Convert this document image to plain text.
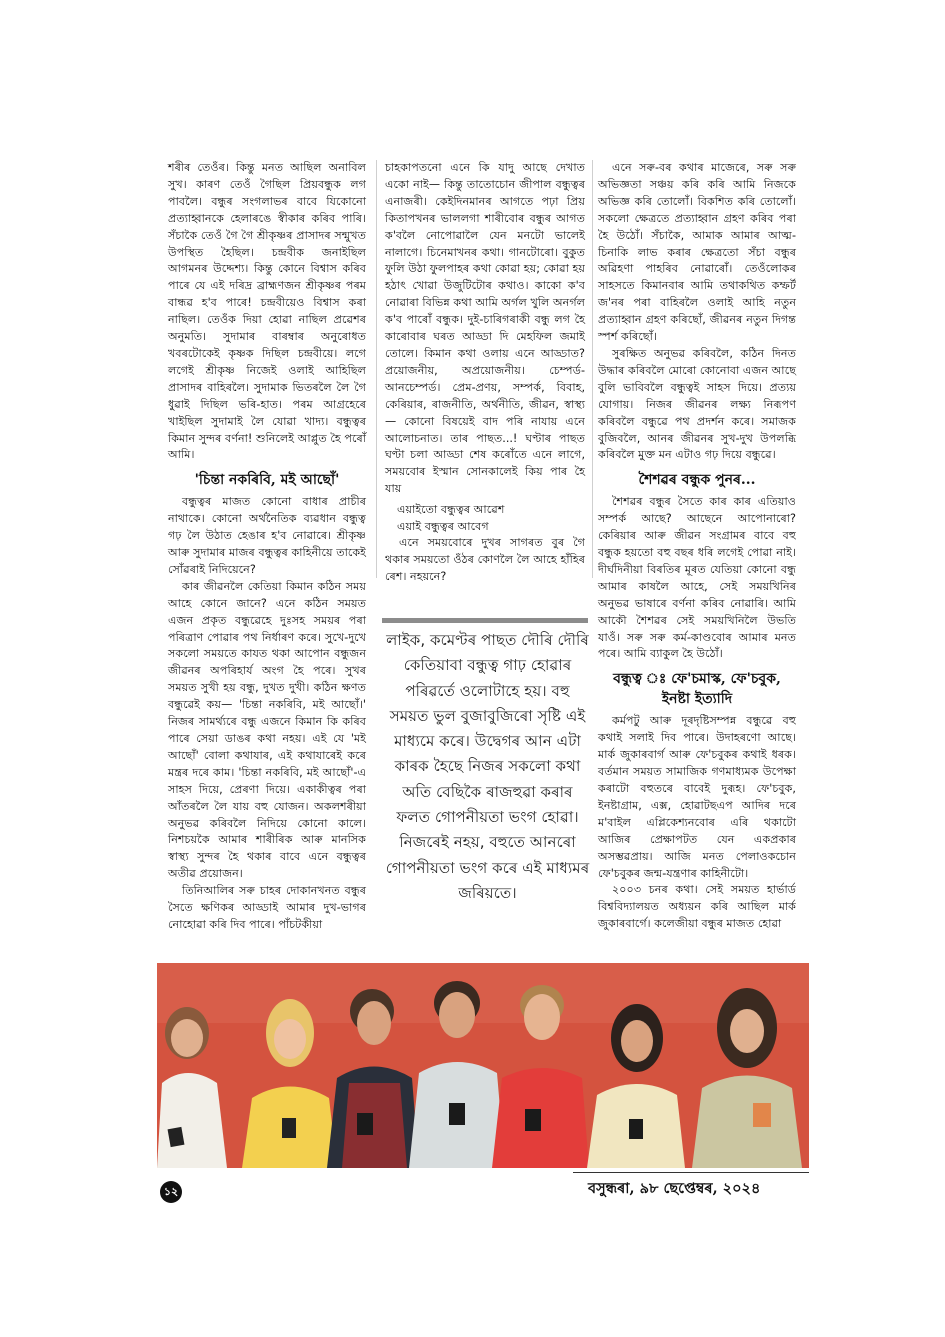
শৰীৰ তেওঁৰ। কিন্তু মনত আছিল অনাবিল সুখ। কাৰণ তেওঁ গৈছিল প্ৰিয়বন্ধুক লগ পাবলৈ। বন্ধুৰ সংগলাভৰ বাবে যিকোনো প্ৰত্যাহ্বানকে হেলাৰঙে স্বীকাৰ কৰিব পাৰি। সঁচাকৈ তেওঁ গৈ গৈ শ্ৰীকৃষ্ণৰ প্ৰাসাদৰ সন্মুখত উপস্থিত হৈছিল। চন্দ্ৰবীক জনাইছিল আগমনৰ উদ্দেশ্য। কিন্তু কোনে বিশ্বাস কৰিব পাৰে যে এই দৰিদ্ৰ ব্ৰাহ্মণজন শ্ৰীকৃষ্ণৰ পৰম বান্ধৱ হ'ব পাৰে! চন্দ্ৰবীয়েও বিশ্বাস কৰা নাছিল। তেওঁক দিয়া হোৱা নাছিল প্ৰৱেশৰ অনুমতি। সুদামাৰ বাৰম্বাৰ অনুৰোধত খবৰটোকেই কৃষ্ণক দিছিল চন্দ্ৰবীয়ে। লগে লগেই শ্ৰীকৃষ্ণ নিজেই ওলাই আহিছিল প্ৰাসাদৰ বাহিৰলৈ। সুদামাক ভিতৰলৈ লৈ গৈ ধুৱাই দিছিল ভৰি-হাত। পৰম আগ্ৰহেৰে খাইছিল সুদামাই লৈ যোৱা খাদ্য। বন্ধুত্বৰ কিমান সুন্দৰ বৰ্ণনা! শুনিলেই আপ্লুত হৈ পৰোঁ আমি।

'চিন্তা নকৰিবি, মই আছোঁ'

বন্ধুত্বৰ মাজত কোনো বাধাৰ প্ৰাচীৰ নাথাকে। কোনো অৰ্থনৈতিক ব্যৱধান বন্ধুত্ব গঢ় লৈ উঠাত হেঙাৰ হ'ব নোৱাৰে। শ্ৰীকৃষ্ণ আৰু সুদামাৰ মাজৰ বন্ধুত্বৰ কাহিনীয়ে তাকেই সোঁৱৰাই নিদিয়েনে?

কাৰ জীৱনলৈ কেতিয়া কিমান কঠিন সময় আহে কোনে জানে? এনে কঠিন সময়ত এজন প্ৰকৃত বন্ধুৱেহে দুঃসহ সময়ৰ পৰা পৰিত্ৰাণ পোৱাৰ পথ নিৰ্ধাৰণ কৰে। সুখে-দুখে সকলো সময়তে কাযত থকা আপোন বন্ধুজন জীৱনৰ অপৰিহাৰ্য অংগ হৈ পৰে। সুখৰ সময়ত সুখী হয় বন্ধু, দুখত দুখী। কঠিন ক্ষণত বন্ধুৱেই কয়— 'চিন্তা নকৰিবি, মই আছোঁ।' নিজৰ সামৰ্থ্যৰে বন্ধু এজনে কিমান কি কৰিব পাৰে সেয়া ডাঙৰ কথা নহয়। এই যে 'মই আছোঁ' বোলা কথাযাৰ, এই কথাযাৰেই কৰে মন্ত্ৰৰ দৰে কাম। 'চিন্তা নকৰিবি, মই আছোঁ'-এ সাহস দিয়ে, প্ৰেৰণা দিয়ে। একাকীত্বৰ পৰা আঁতৰলৈ লৈ যায় বহু যোজন। অকলশৰীয়া অনুভৱ কৰিবলৈ নিদিয়ে কোনো কালে। নিশচয়কৈ আমাৰ শাৰীৰিক আৰু মানসিক স্বাস্থ্য সুন্দৰ হৈ থকাৰ বাবে এনে বন্ধুত্বৰ অতীৱ প্ৰয়োজন।

তিনিআলিৰ সৰু চাহৰ দোকানখনত বন্ধুৰ সৈতে ক্ষণিকৰ আড্ডাই আমাৰ দুখ-ভাগৰ নোহোৱা কৰি দিব পাৰে। পাঁচটকীয়া

চাহকাপতনো এনে কি যাদু আছে দেখাত একো নাই— কিন্তু তাতোচোন জীপাল বন্ধুত্বৰ এনাজৰী। কেইদিনমানৰ আগতে পঢ়া প্ৰিয় কিতাপখনৰ ভাললগা শাৰীবোৰ বন্ধুৰ আগত ক'বলৈ নোপোৱালৈ যেন মনটো ভালেই নালাগে। চিনেমাখনৰ কথা। গানটোৰো। বুকুত ফুলি উঠা ফুলপাহৰ কথা কোৱা হয়; কোৱা হয় হঠাৎ খোৱা উজুটিটোৰ কথাও। কাকো ক'ব নোৱাৰা বিভিন্ন কথা আমি অৰ্গল খুলি অনৰ্গল ক'ব পাৰোঁ বন্ধুক। দুই-চাৰিগৰাকী বন্ধু লগ হৈ কাৰোবাৰ ঘৰত আড্ডা দি মেহফিল জমাই তোলে। কিমান কথা ওলায় এনে আড্ডাত? প্ৰয়োজনীয়, অপ্ৰয়োজনীয়। চেম্পৰ্ড-আনচেম্পৰ্ড। প্ৰেম-প্ৰণয়, সম্পৰ্ক, বিবাহ, কেৰিয়াৰ, ৰাজনীতি, অৰ্থনীতি, জীৱন, স্বাস্থ্য— কোনো বিষয়েই বাদ পৰি নাযায় এনে আলোচনাত। তাৰ পাছত...! ঘণ্টাৰ পাছত ঘণ্টা চলা আড্ডা শেষ কৰোঁতে এনে লাগে, সময়বোৰ ইস্মান সোনকালেই কিয় পাৰ হৈ যায়

এয়াইতো বন্ধুত্বৰ আৱেশ
এয়াই বন্ধুত্বৰ আবেগ

এনে সময়বোৰে দুখৰ সাগৰত বুৰ গৈ থকাৰ সময়তো ওঁঠৰ কোণলৈ লৈ আহে হাঁহিৰ ৰেশ। নহয়নে?

লাইক, কমেণ্টৰ পাছত দৌৰি দৌৰি কেতিয়াবা বন্ধুত্ব গাঢ় হোৱাৰ পৰিৱৰ্তে ওলোটাহে হয়। বহু সময়ত ভুল বুজাবুজিৰো সৃষ্টি এই মাধ্যমে কৰে। উদ্বেগৰ আন এটা কাৰক হৈছে নিজৰ সকলো কথা অতি বেছিকৈ ৰাজহুৱা কৰাৰ ফলত গোপনীয়তা ভংগ হোৱা। নিজৰেই নহয়, বহুতে আনৰো গোপনীয়তা ভংগ কৰে এই মাধ্যমৰ জৰিয়তে।

এনে সৰু-বৰ কথাৰ মাজেৰে, সৰু সৰু অভিজ্ঞতা সঞ্চয় কৰি কৰি আমি নিজকে অভিজ্ঞ কৰি তোলোঁ। বিকশিত কৰি তোলোঁ। সকলো ক্ষেত্ৰতে প্ৰত্যাহ্বান গ্ৰহণ কৰিব পৰা হৈ উঠোঁ। সঁচাকৈ, আমাক আমাৰ আত্ম-চিনাকি লাভ কৰাৰ ক্ষেত্ৰতো সঁচা বন্ধুৰ অৱিহণা পাহৰিব নোৱাৰোঁ। তেওঁলোকৰ সাহসতে কিমানবাৰ আমি তথাকথিত কম্ফৰ্ট জ'নৰ পৰা বাহিৰলৈ ওলাই আহি নতুন প্ৰত্যাহ্বান গ্ৰহণ কৰিছোঁ, জীৱনৰ নতুন দিগন্ত স্পৰ্শ কৰিছোঁ।

সুৰক্ষিত অনুভৱ কৰিবলৈ, কঠিন দিনত উদ্ধাৰ কৰিবলৈ মোৰো কোনোবা এজন আছে বুলি ভাবিবলৈ বন্ধুত্বই সাহস দিয়ে। প্ৰত্যয় যোগায়। নিজৰ জীৱনৰ লক্ষ্য নিৰূপণ কৰিবলৈ বন্ধুৱে পথ প্ৰদৰ্শন কৰে। সমাজক বুজিবলৈ, আনৰ জীৱনৰ সুখ-দুখ উপলব্ধি কৰিবলৈ মুক্ত মন এটাও গঢ় দিয়ে বন্ধুৱে।

শৈশৱৰ বন্ধুক পুনৰ...

শৈশৱৰ বন্ধুৰ সৈতে কাৰ কাৰ এতিয়াও সম্পৰ্ক আছে? আছেনে আপোনাৰো? কেৰিয়াৰ আৰু জীৱন সংগ্ৰামৰ বাবে বহু বন্ধুক হয়তো বহু বছৰ ধৰি লগেই পোৱা নাই। দীৰ্ঘদিনীয়া বিৰতিৰ মূৰত যেতিয়া কোনো বন্ধু আমাৰ কাষলৈ আহে, সেই সময়খিনিৰ অনুভৱ ভাষাৰে বৰ্ণনা কৰিব নোৱাৰি। আমি আকৌ শৈশৱৰ সেই সময়খিনিলৈ উভতি যাওঁ। সৰু সৰু কৰ্ম-কাণ্ডবোৰ আমাৰ মনত পৰে। আমি ব্যাকুল হৈ উঠোঁ।

বন্ধুত্ব ঃ ফে'চমাস্ক, ফে'চবুক, ইনষ্টা ইত্যাদি

কৰ্মপটু আৰু দূৰদৃষ্টিসম্পন্ন বন্ধুৱে বহু কথাই সলাই দিব পাৰে। উদাহৰণো আছে। মাৰ্ক জুকাৰবাৰ্গ আৰু ফে'চবুকৰ কথাই ধৰক। বৰ্তমান সময়ত সামাজিক গণমাধ্যমক উপেক্ষা কৰাটো বহুতৰে বাবেই দুৰূহ। ফে'চবুক, ইনষ্টাগ্ৰাম, এক্স, হোৱাটছএপ আদিৰ দৰে ম'বাইল এপ্লিকেশ্যনবোৰ এৰি থকাটো আজিৰ প্ৰেক্ষাপটত যেন একপ্ৰকাৰ অসম্ভৱপ্ৰায়। আজি মনত পেলাওকচোন ফে'চবুকৰ জন্ম-যন্ত্ৰণাৰ কাহিনীটো।

২০০৩ চনৰ কথা। সেই সময়ত হাৰ্ভাৰ্ড বিশ্ববিদ্যালয়ত অধ্যয়ন কৰি আছিল মাৰ্ক জুকাৰবাৰ্গে। কলেজীয়া বন্ধুৰ মাজত হোৱা

১২	বসুন্ধৰা, ৯৮ ছেপ্তেম্বৰ, ২০২৪
